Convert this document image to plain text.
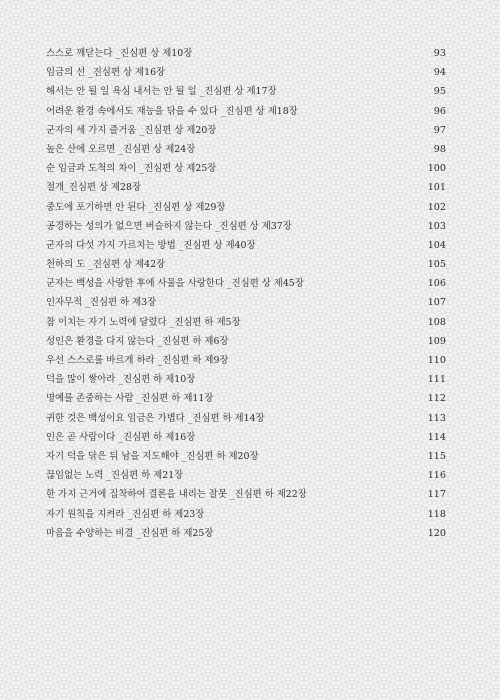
스스로 깨닫는다 _진심편 상 제10장	93
임금의 선 _진심편 상 제16장	94
해서는 안 될 일 욕심 내서는 안 될 일 _진심편 상 제17장	95
어려운 환경 속에서도 재능을 닦을 수 있다 _진심편 상 제18장	96
군자의 세 가지 즐거움 _진심편 상 제20장	97
높은 산에 오르면 _진심편 상 제24장	98
순 임금과 도척의 차이 _진심편 상 제25장	100
절개_진심편 상 제28장	101
중도에 포기하면 안 된다 _진심편 상 제29장	102
공경하는 성의가 없으면 버슬하지 않는다 _진심편 상 제37장	103
군자의 다섯 가지 가르치는 방법 _진심편 상 제40장	104
천하의 도 _진심편 상 제42장	105
군자는 백성을 사랑한 후에 사물을 사랑한다 _진심편 상 제45장	106
인자무적 _진심편 하 제3장	107
참 이치는 자기 노력에 달렸다 _진심편 하 제5장	108
성인은 환경을 다지 않는다 _진심편 하 제6장	109
우선 스스로를 바르게 하라 _진심편 하 제9장	110
덕을 많이 쌓아라 _진심편 하 제10장	111
명예를 존중하는 사람 _진심편 하 제11장	112
귀한 것은 백성이요 임금은 가볍다 _진심편 하 제14장	113
인은 곧 사람이다 _진심편 하 제16장	114
자기 덕을 닦은 뒤 남을 지도해야 _진심편 하 제20장	115
끊임없는 노력 _진심편 하 제21장	116
한 가지 근거에 집착하여 결론을 내리는 잘못 _진심편 하 제22장	117
자기 원칙을 지켜라 _진심편 하 제23장	118
마음을 수양하는 비결 _진심편 하 제25장	120
